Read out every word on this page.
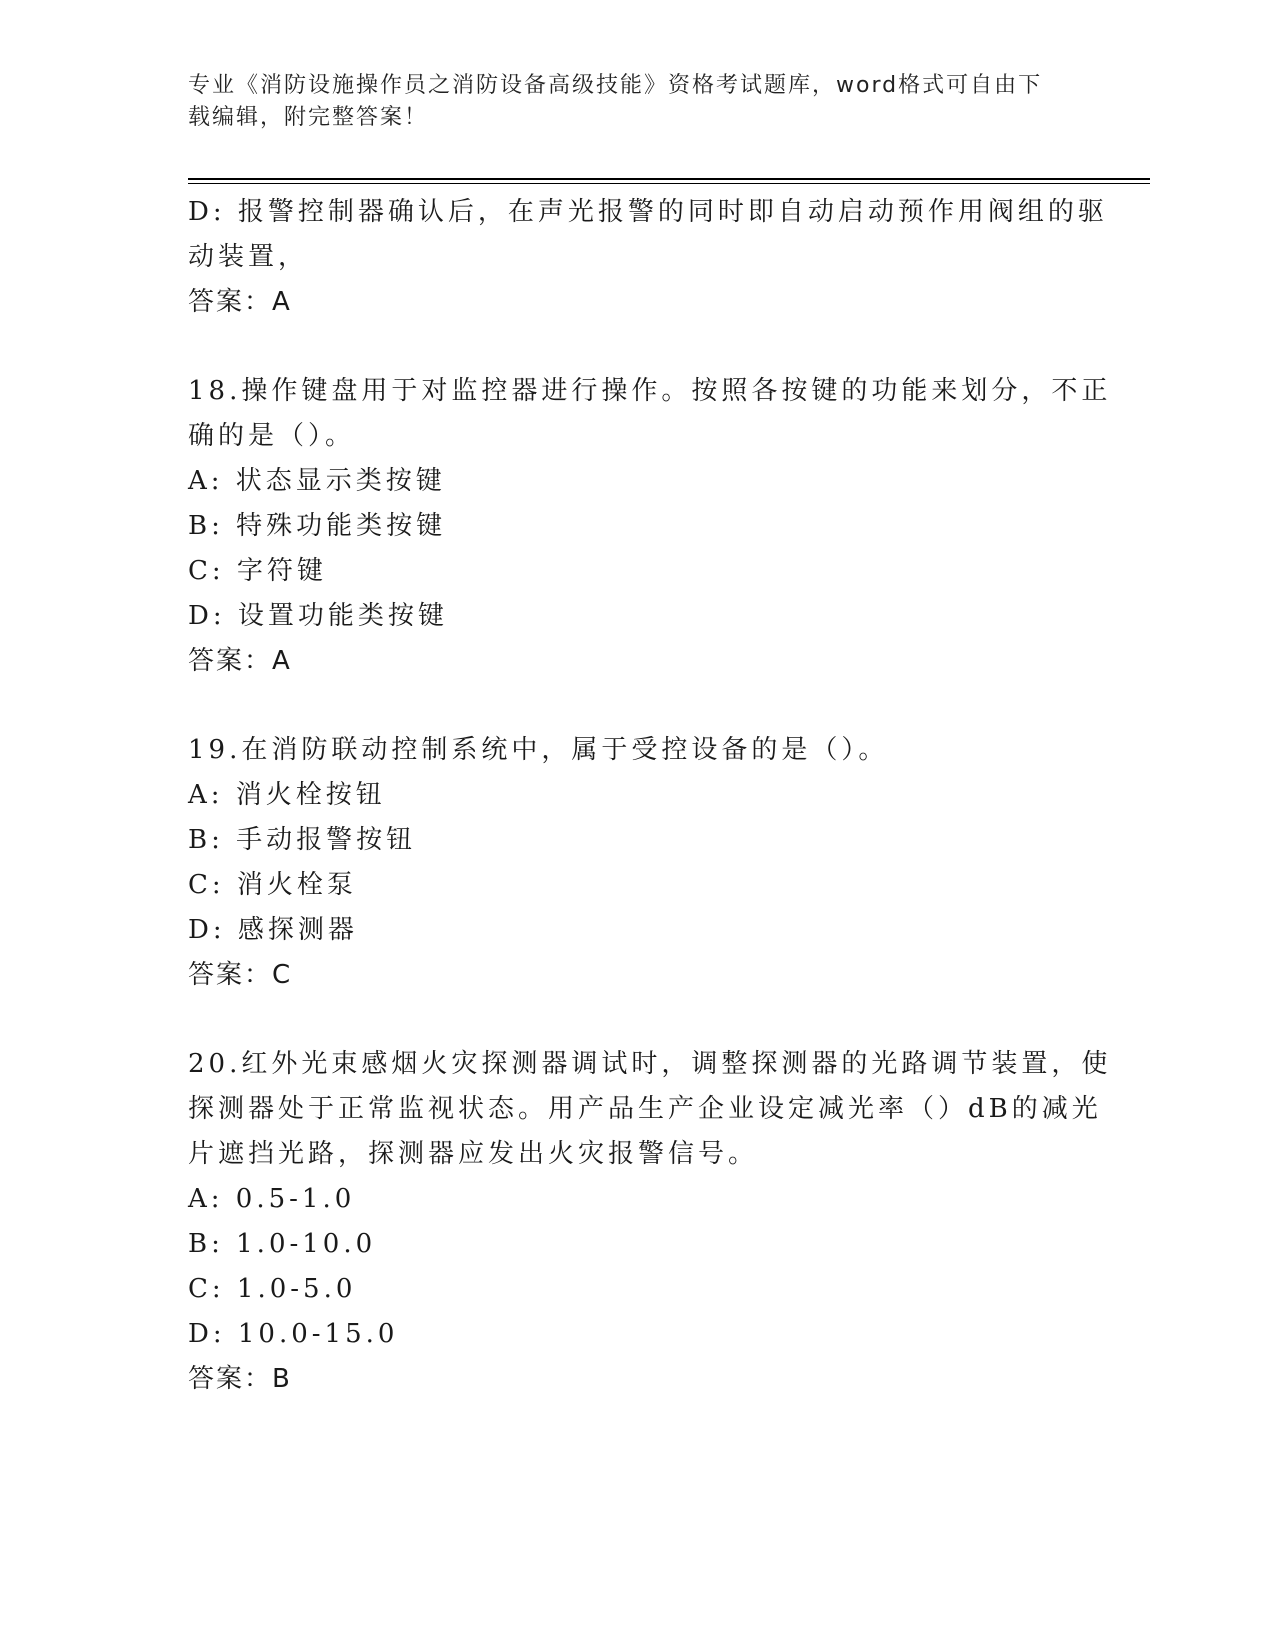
专业《消防设施操作员之消防设备高级技能》资格考试题库，word格式可自由下
载编辑，附完整答案！
D: 报警控制器确认后，在声光报警的同时即自动启动预作用阀组的驱
动装置，
答案：A
18.操作键盘用于对监控器进行操作。按照各按键的功能来划分，不正
确的是（）。
A: 状态显示类按键
B: 特殊功能类按键
C: 字符键
D: 设置功能类按键
答案：A
19.在消防联动控制系统中，属于受控设备的是（）。
A: 消火栓按钮
B: 手动报警按钮
C: 消火栓泵
D: 感探测器
答案：C
20.红外光束感烟火灾探测器调试时，调整探测器的光路调节装置，使
探测器处于正常监视状态。用产品生产企业设定减光率（）dB的减光
片遮挡光路，探测器应发出火灾报警信号。
A: 0.5-1.0
B: 1.0-10.0
C: 1.0-5.0
D: 10.0-15.0
答案：B
